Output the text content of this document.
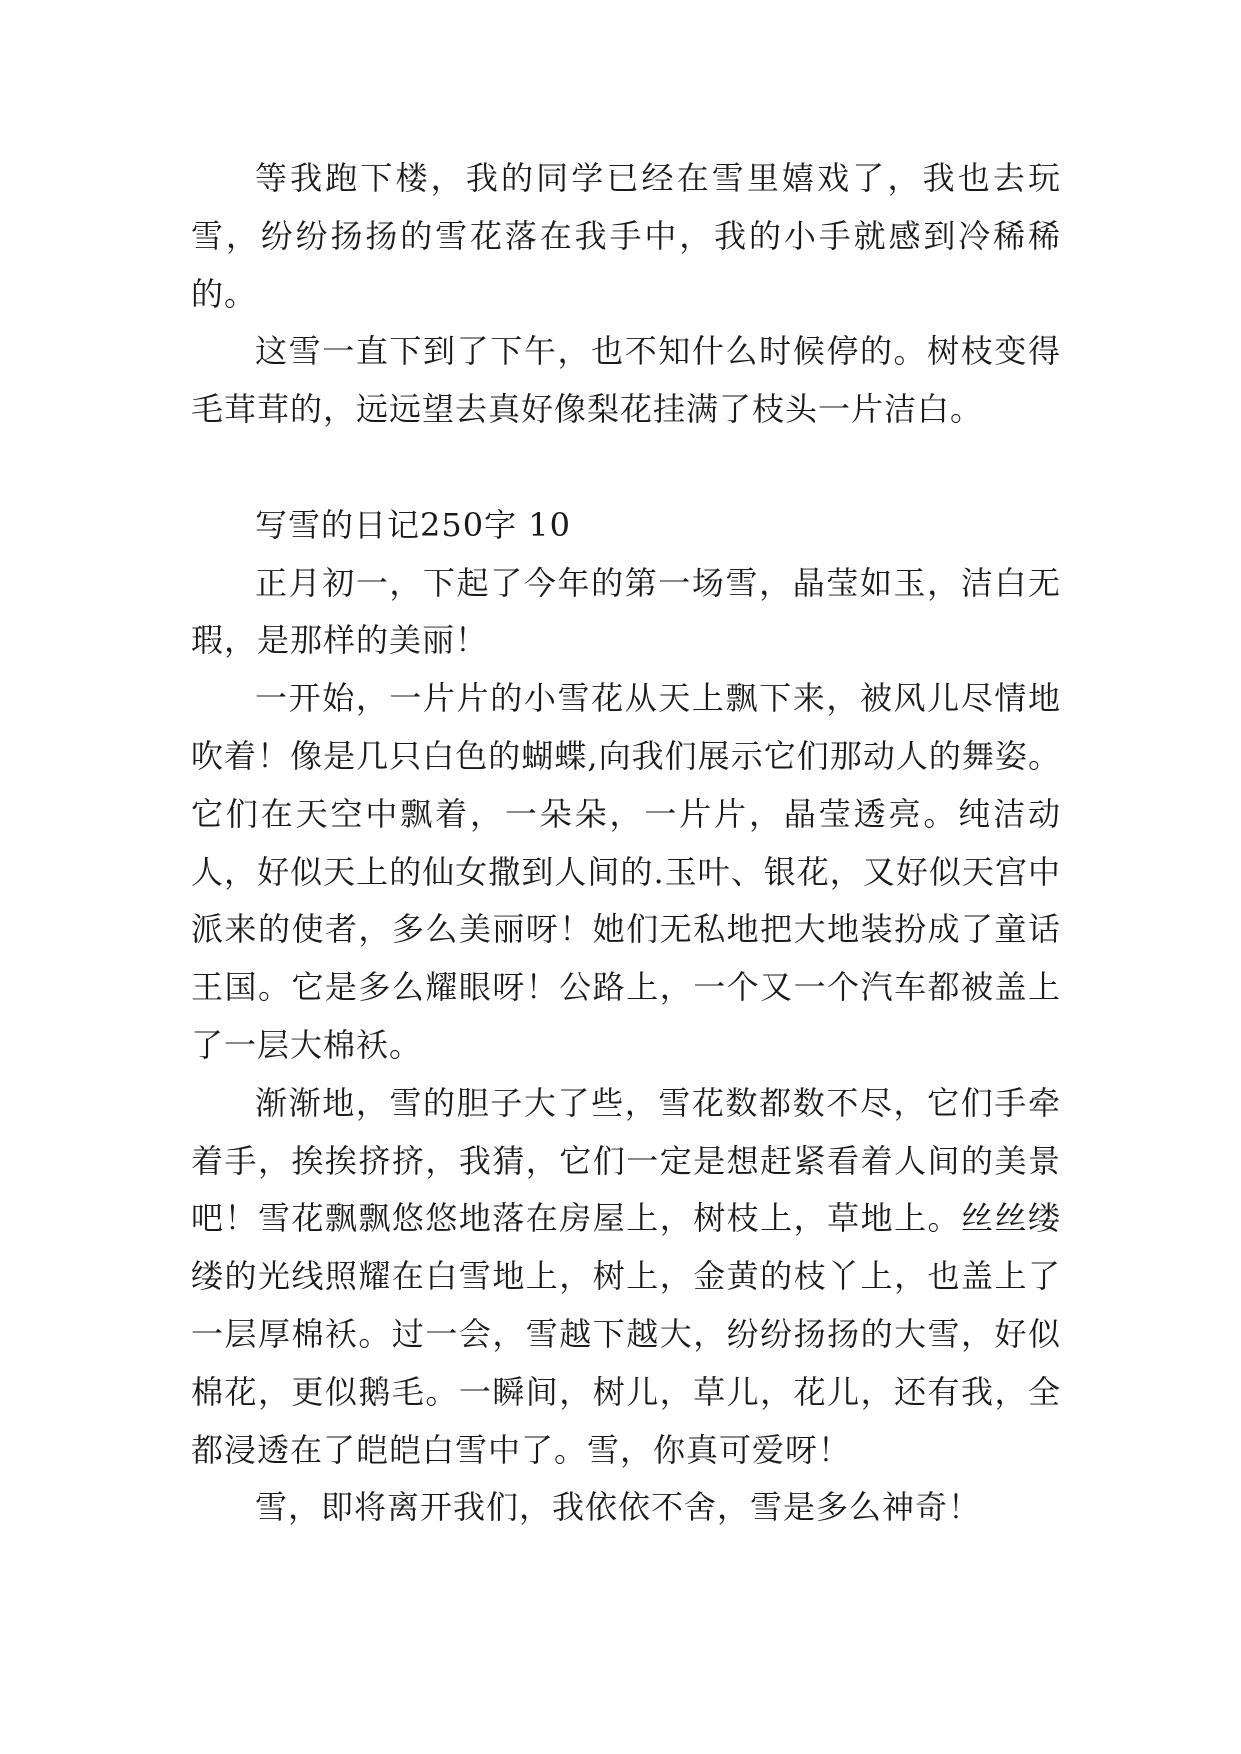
等我跑下楼，我的同学已经在雪里嬉戏了，我也去玩雪，纷纷扬扬的雪花落在我手中，我的小手就感到冷稀稀的。

这雪一直下到了下午，也不知什么时候停的。树枝变得毛茸茸的，远远望去真好像梨花挂满了枝头一片洁白。

写雪的日记250字 10

正月初一，下起了今年的第一场雪，晶莹如玉，洁白无瑕，是那样的美丽！

一开始，一片片的小雪花从天上飘下来，被风儿尽情地吹着！像是几只白色的蝴蝶,向我们展示它们那动人的舞姿。它们在天空中飘着，一朵朵，一片片，晶莹透亮。纯洁动人，好似天上的仙女撒到人间的.玉叶、银花，又好似天宫中派来的使者，多么美丽呀！她们无私地把大地装扮成了童话王国。它是多么耀眼呀！公路上，一个又一个汽车都被盖上了一层大棉袄。

渐渐地，雪的胆子大了些，雪花数都数不尽，它们手牵着手，挨挨挤挤，我猜，它们一定是想赶紧看着人间的美景吧！雪花飘飘悠悠地落在房屋上，树枝上，草地上。丝丝缕缕的光线照耀在白雪地上，树上，金黄的枝丫上，也盖上了一层厚棉袄。过一会，雪越下越大，纷纷扬扬的大雪，好似棉花，更似鹅毛。一瞬间，树儿，草儿，花儿，还有我，全都浸透在了皑皑白雪中了。雪，你真可爱呀！

雪，即将离开我们，我依依不舍，雪是多么神奇！
